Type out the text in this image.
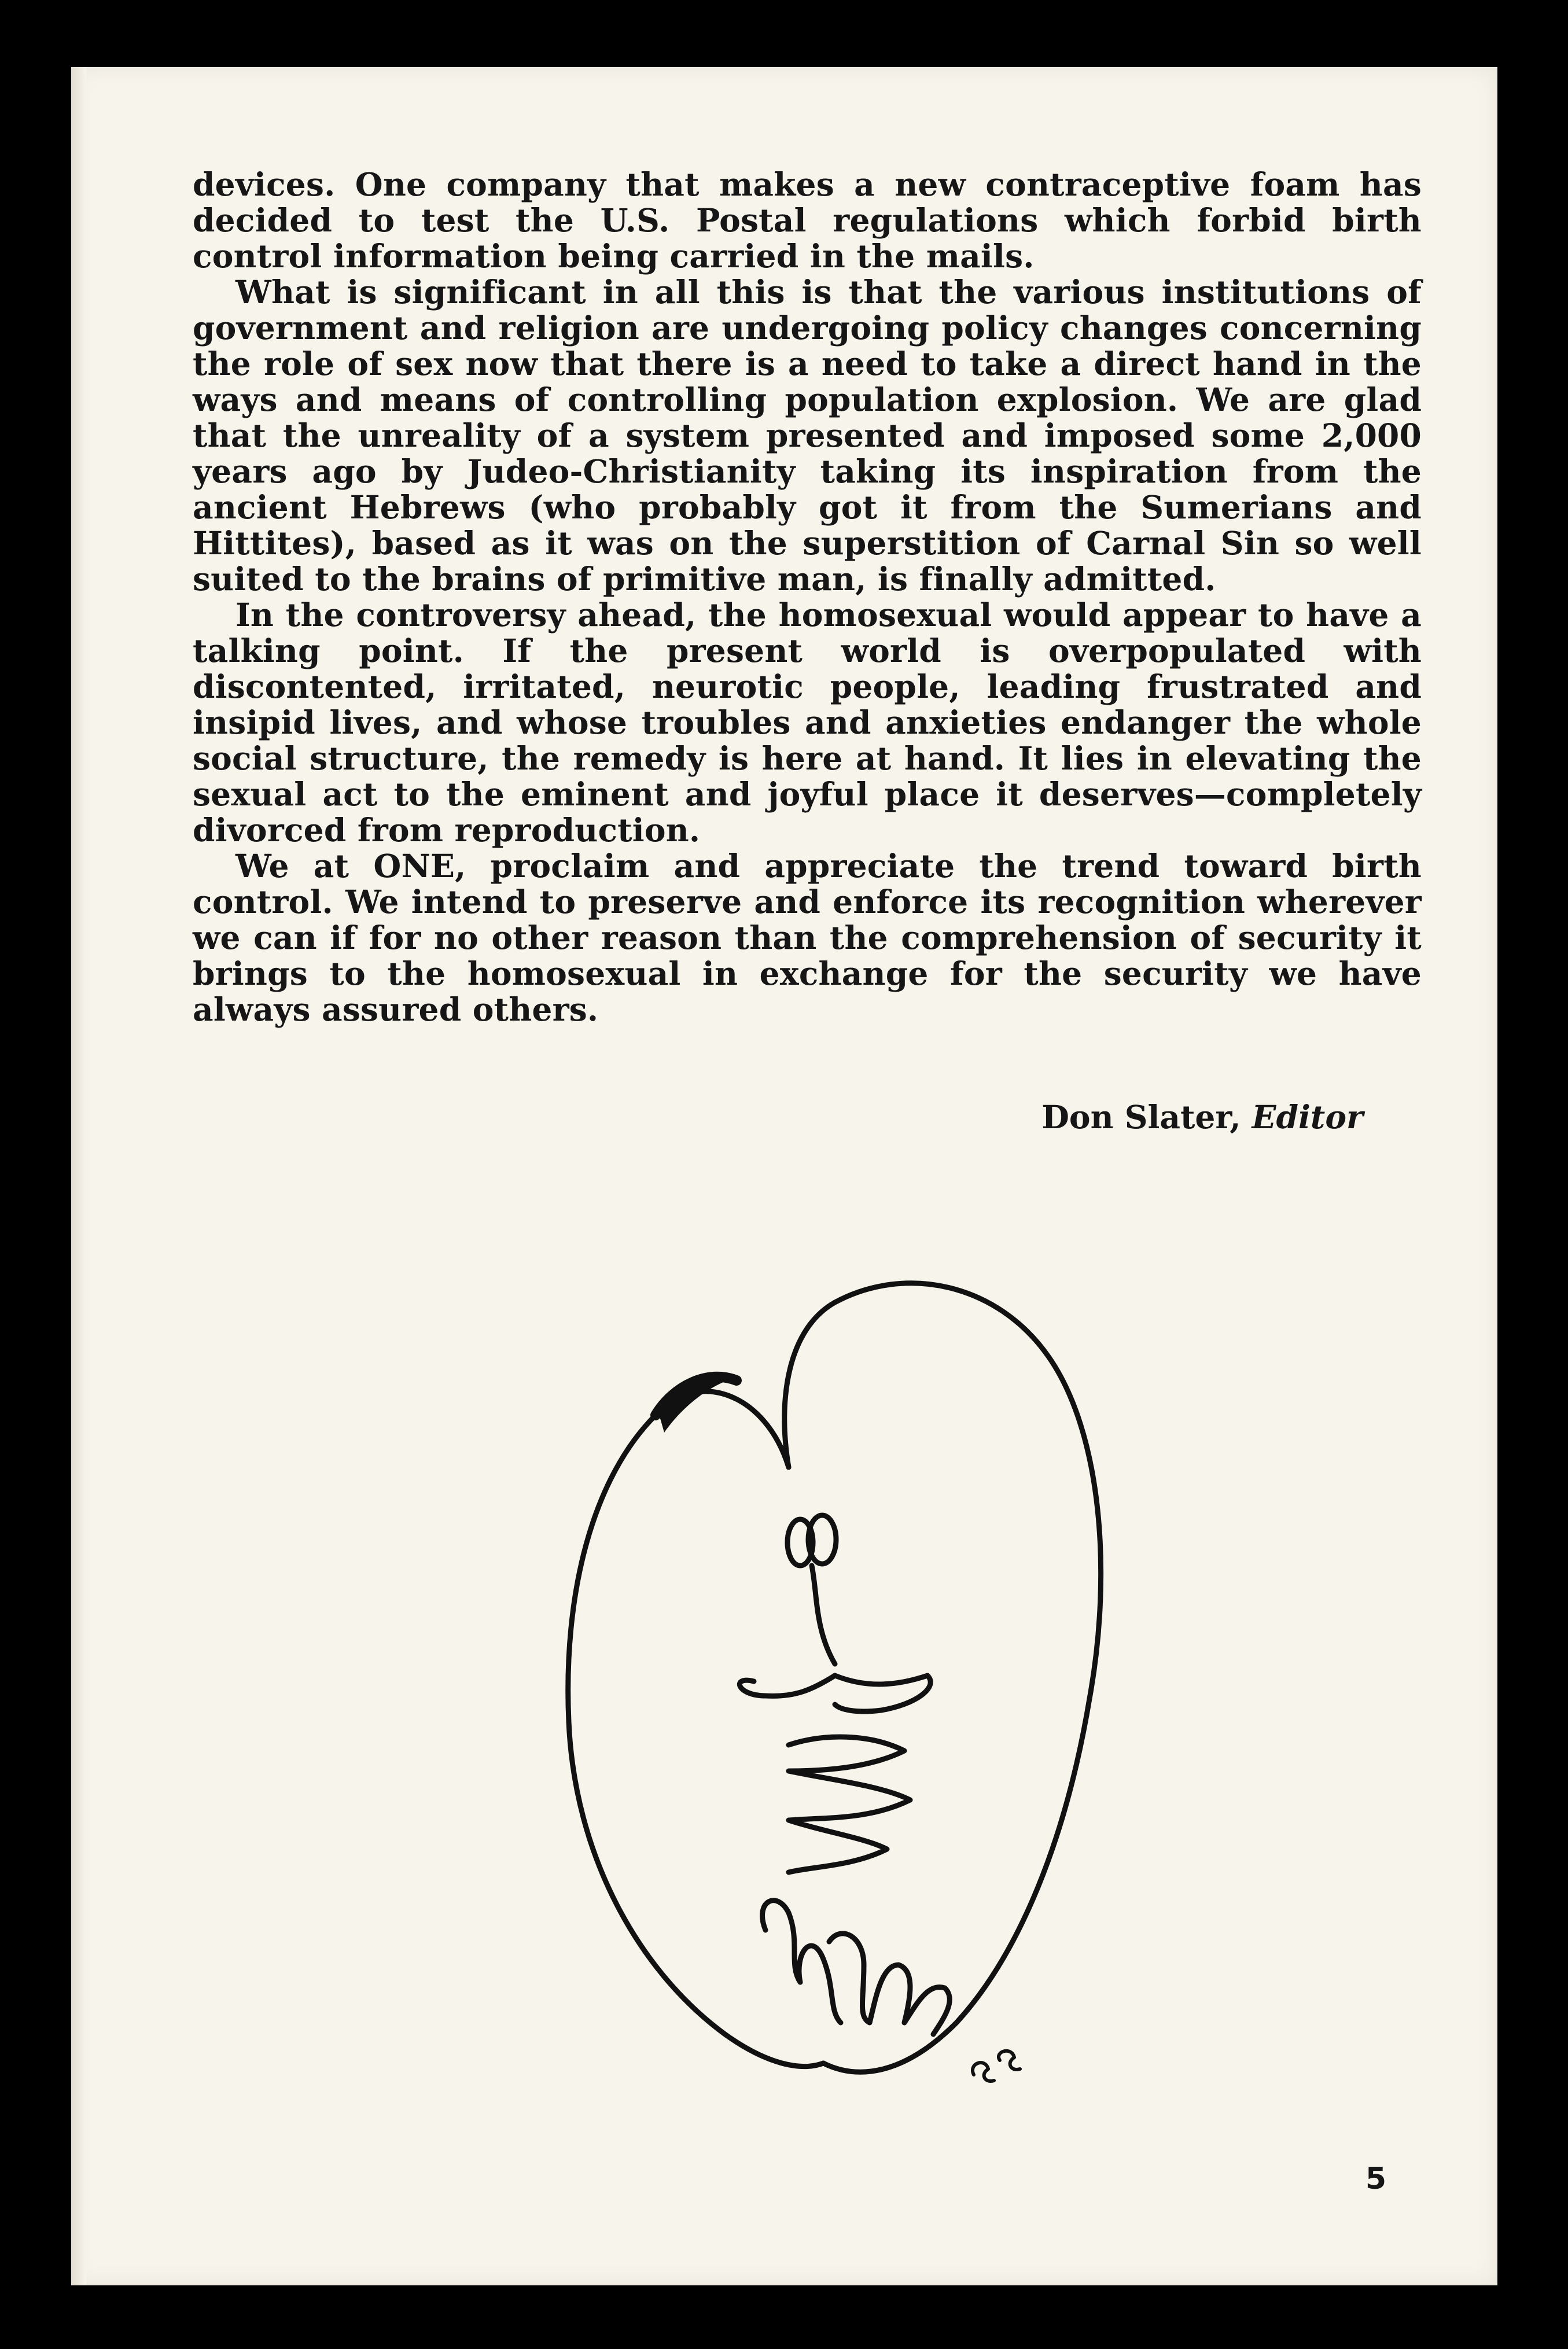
devices. One company that makes a new contraceptive foam has decided to test the U.S. Postal regulations which forbid birth control information being carried in the mails.

What is significant in all this is that the various institutions of government and religion are undergoing policy changes concerning the role of sex now that there is a need to take a direct hand in the ways and means of controlling population explosion. We are glad that the unreality of a system presented and imposed some 2,000 years ago by Judeo-Christianity taking its inspiration from the ancient Hebrews (who probably got it from the Sumerians and Hittites), based as it was on the superstition of Carnal Sin so well suited to the brains of primitive man, is finally admitted.

In the controversy ahead, the homosexual would appear to have a talking point. If the present world is overpopulated with discontented, irritated, neurotic people, leading frustrated and insipid lives, and whose troubles and anxieties endanger the whole social structure, the remedy is here at hand. It lies in elevating the sexual act to the eminent and joyful place it deserves—completely divorced from reproduction.

We at ONE, proclaim and appreciate the trend toward birth control. We intend to preserve and enforce its recognition wherever we can if for no other reason than the comprehension of security it brings to the homosexual in exchange for the security we have always assured others.

Don Slater, Editor
5
